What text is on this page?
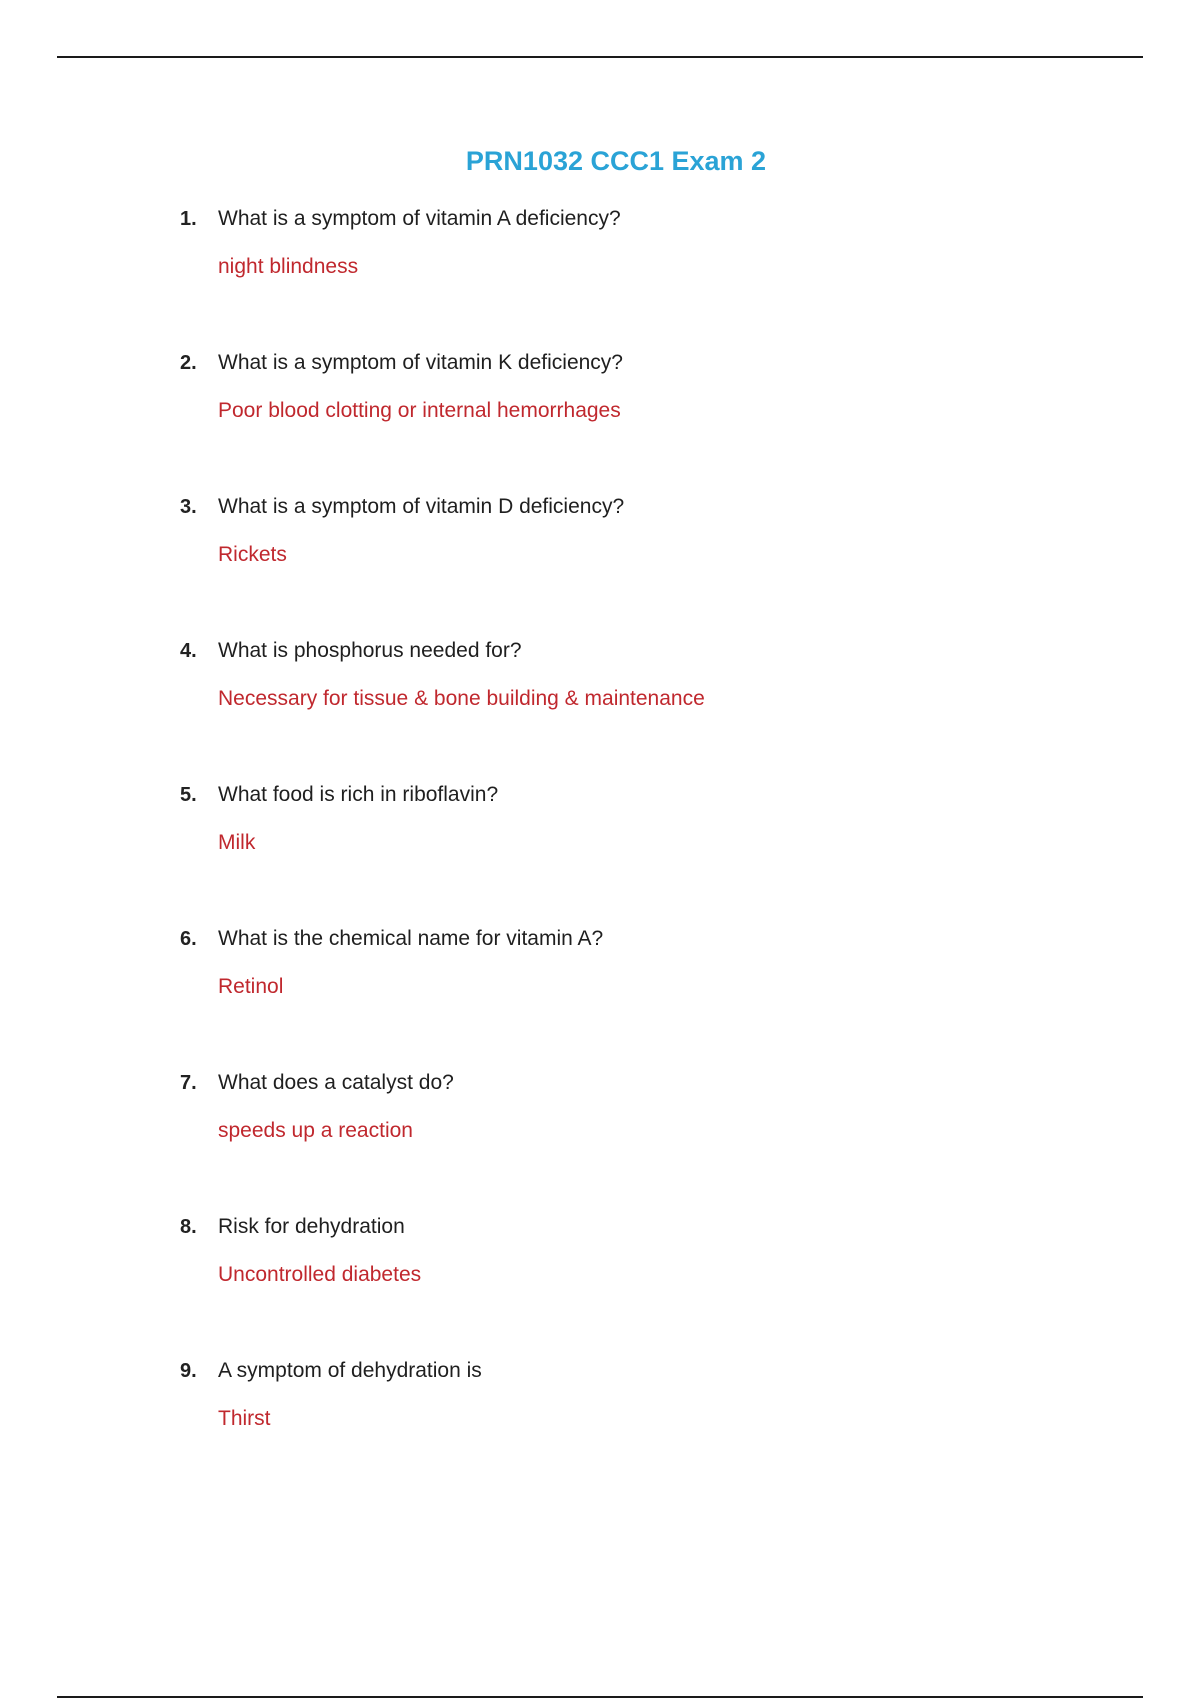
PRN1032 CCC1 Exam 2
1.	What is a symptom of vitamin A deficiency?
night blindness
2.	What is a symptom of vitamin K deficiency?
Poor blood clotting or internal hemorrhages
3.	What is a symptom of vitamin D deficiency?
Rickets
4.	What is phosphorus needed for?
Necessary for tissue & bone building & maintenance
5.	What food is rich in riboflavin?
Milk
6.	What is the chemical name for vitamin A?
Retinol
7.	What does a catalyst do?
speeds up a reaction
8.	Risk for dehydration
Uncontrolled diabetes
9.	A symptom of dehydration is
Thirst
